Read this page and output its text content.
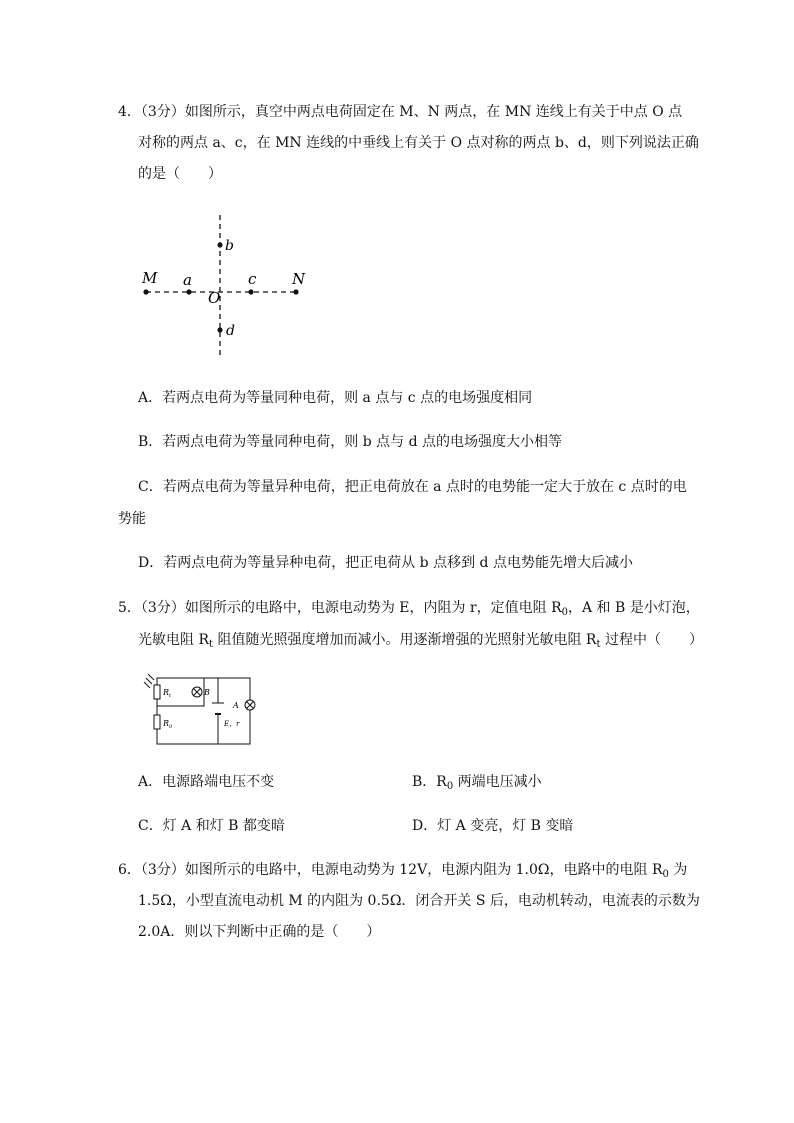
4．（3分）如图所示，真空中两点电荷固定在 M、N 两点，在 MN 连线上有关于中点 O 点
对称的两点 a、c，在 MN 连线的中垂线上有关于 O 点对称的两点 b、d，则下列说法正确
的是（　　）
M a
O
c N
b
d
A．若两点电荷为等量同种电荷，则 a 点与 c 点的电场强度相同
B．若两点电荷为等量同种电荷，则 b 点与 d 点的电场强度大小相等
C．若两点电荷为等量异种电荷，把正电荷放在 a 点时的电势能一定大于放在 c 点时的电
势能
D．若两点电荷为等量异种电荷，把正电荷从 b 点移到 d 点电势能先增大后减小
5．（3分）如图所示的电路中，电源电动势为 E，内阻为 r，定值电阻 $R_0$，A 和 B 是小灯泡，
光敏电阻 $R_t$ 阻值随光照强度增加而减小。用逐渐增强的光照射光敏电阻 $R_t$ 过程中（　　）
$R_t$	B
A
E，r
$R_0$
A．电源路端电压不变	B．$R_0$ 两端电压减小
C．灯 A 和灯 B 都变暗	D．灯 A 变亮，灯 B 变暗
6．（3分）如图所示的电路中，电源电动势为 12V，电源内阻为 1.0Ω，电路中的电阻 $R_0$ 为
1.5Ω，小型直流电动机 M 的内阻为 0.5Ω．闭合开关 S 后，电动机转动，电流表的示数为
2.0A．则以下判断中正确的是（　　）
